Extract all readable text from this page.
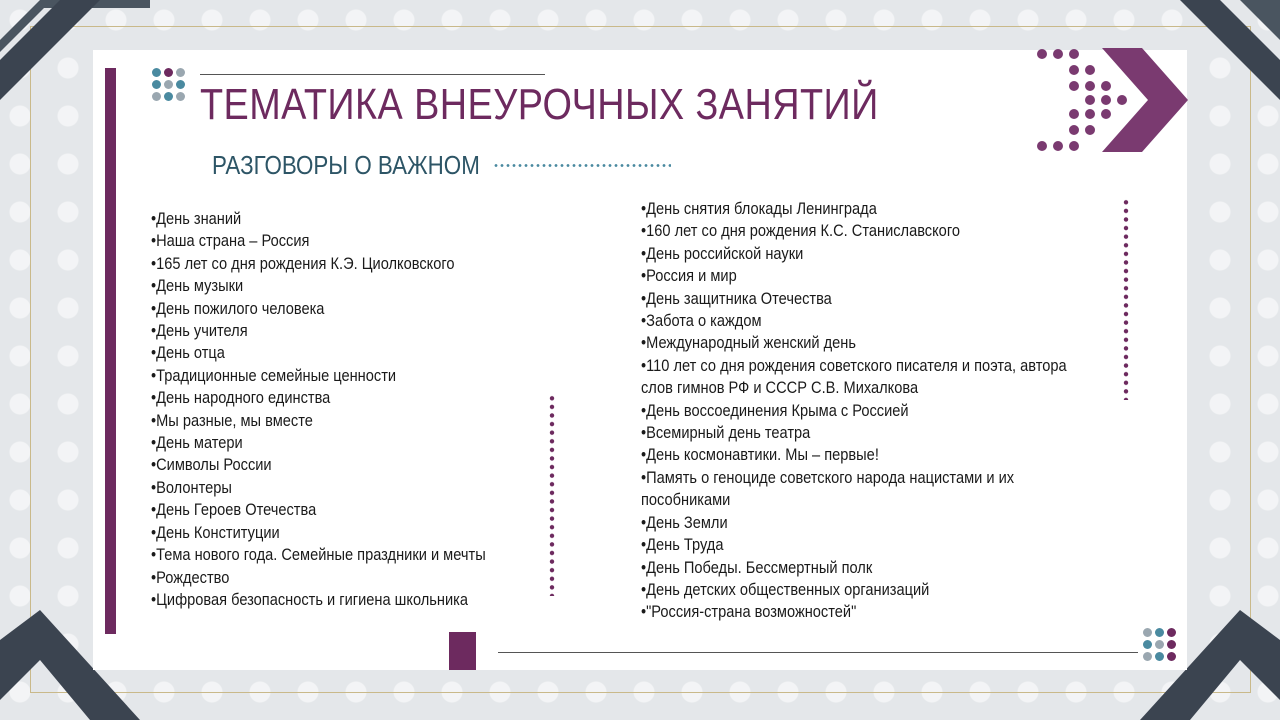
ТЕМАТИКА ВНЕУРОЧНЫХ ЗАНЯТИЙ
РАЗГОВОРЫ О ВАЖНОМ
•День знаний
•Наша страна – Россия
•165 лет со дня рождения К.Э. Циолковского
•День музыки
•День пожилого человека
•День учителя
•День отца
•Традиционные семейные ценности
•День народного единства
•Мы разные, мы вместе
•День матери
•Символы России
•Волонтеры
•День Героев Отечества
•День Конституции
•Тема нового года. Семейные праздники и мечты
•Рождество
•Цифровая безопасность и гигиена школьника
•День снятия блокады Ленинграда
•160 лет со дня рождения К.С. Станиславского
•День российской науки
•Россия и мир
•День защитника Отечества
•Забота о каждом
•Международный женский день
•110 лет со дня рождения советского писателя и поэта, автора
слов гимнов РФ и СССР С.В. Михалкова
•День воссоединения Крыма с Россией
•Всемирный день театра
•День космонавтики. Мы – первые!
•Память о геноциде советского народа нацистами и их
пособниками
•День Земли
•День Труда
•День Победы. Бессмертный полк
•День детских общественных организаций
•"Россия-страна возможностей"
